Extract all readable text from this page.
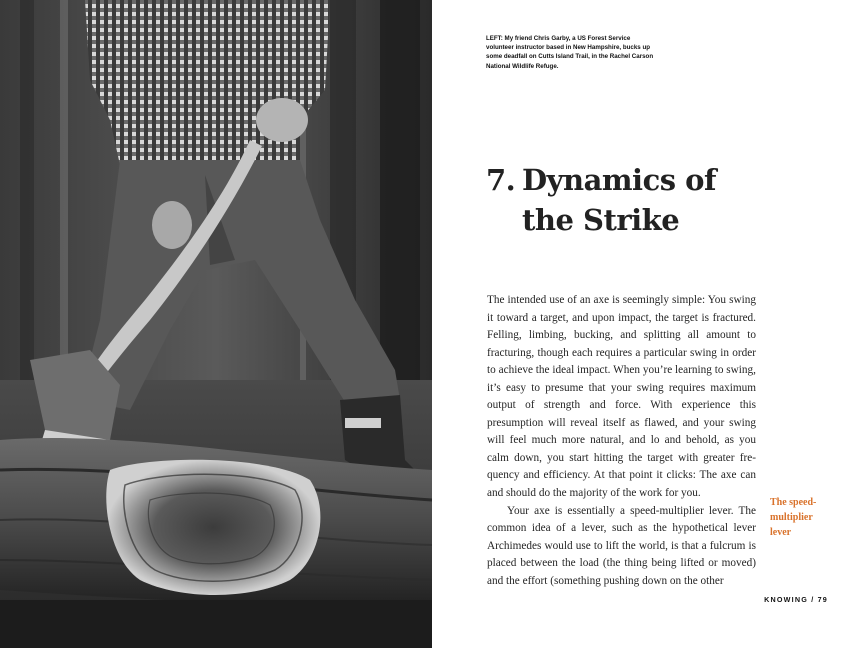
LEFT: My friend Chris Garby, a US Forest Service volunteer instructor based in New Hampshire, bucks up some deadfall on Cutts Island Trail, in the Rachel Carson National Wildlife Refuge.
7. Dynamics of
the Strike

The intended use of an axe is seemingly simple: You swing it toward a target, and upon impact, the target is fractured. Felling, limbing, bucking, and splitting all amount to fracturing, though each requires a particular swing in order to achieve the ideal impact. When you’re learning to swing, it’s easy to presume that your swing requires maximum output of strength and force. With experience this presumption will reveal itself as flawed, and your swing will feel much more natural, and lo and behold, as you calm down, you start hitting the target with greater frequency and efficiency. At that point it clicks: The axe can and should do the majority of the work for you.

Your axe is essentially a speed-multiplier lever. The common idea of a lever, such as the hypothetical lever Archimedes would use to lift the world, is that a fulcrum is placed between the load (the thing being lifted or moved) and the effort (something pushing down on the other

The speed-multiplier lever
KNOWING / 79
